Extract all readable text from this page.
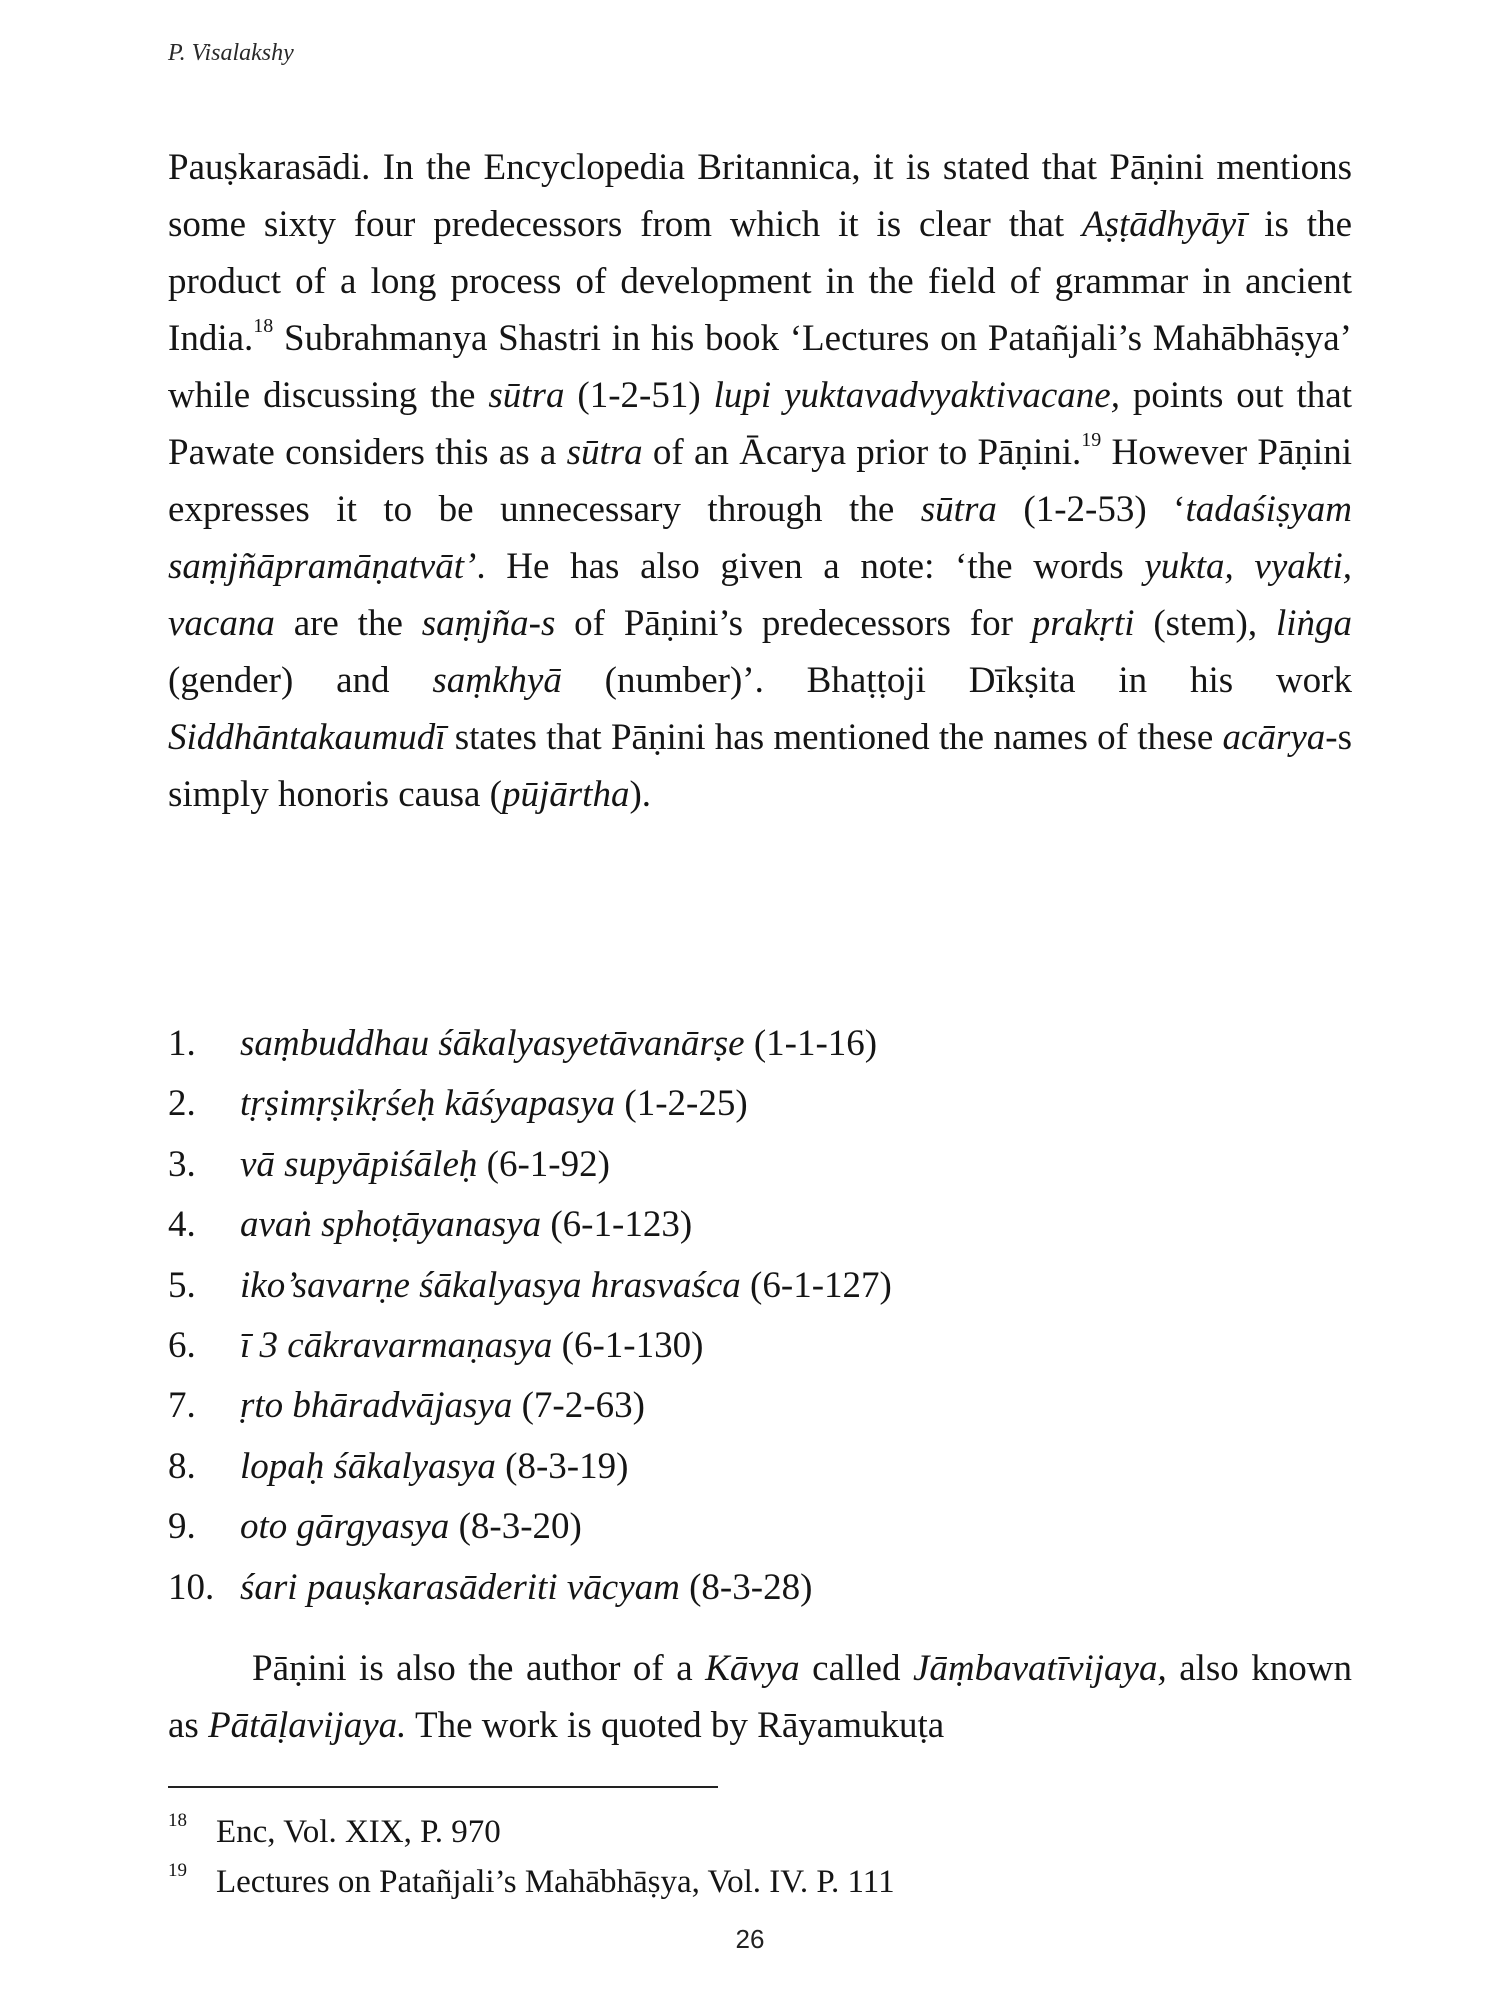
P. Visalakshy

Pauṣkarasādi. In the Encyclopedia Britannica, it is stated that Pāṇini mentions some sixty four predecessors from which it is clear that Aṣṭādhyāyī is the product of a long process of development in the field of grammar in ancient India.$^{18}$ Subrahmanya Shastri in his book ‘Lectures on Patañjali’s Mahābhāṣya’ while discussing the sūtra (1-2-51) lupi yuktavadvyaktivacane, points out that Pawate considers this as a sūtra of an Ācarya prior to Pāṇini.$^{19}$ However Pāṇini expresses it to be unnecessary through the sūtra (1-2-53) ‘tadaśiṣyam saṃjñāpramāṇatvāt’. He has also given a note: ‘the words yukta, vyakti, vacana are the saṃjña-s of Pāṇini’s predecessors for prakṛti (stem), liṅga (gender) and saṃkhyā (number)’. Bhaṭṭoji Dīkṣita in his work Siddhāntakaumudī states that Pāṇini has mentioned the names of these acārya-s simply honoris causa (pūjārtha).

1. saṃbuddhau śākalyasyetāvanārṣe (1-1-16)
2. tṛṣimṛṣikṛśeḥ kāśyapasya (1-2-25)
3. vā supyāpiśāleḥ (6-1-92)
4. avaṅ sphoṭāyanasya (6-1-123)
5. iko’savarṇe śākalyasya hrasvaśca (6-1-127)
6. ī 3 cākravarmaṇasya (6-1-130)
7. ṛto bhāradvājasya (7-2-63)
8. lopaḥ śākalyasya (8-3-19)
9. oto gārgyasya (8-3-20)
10. śari pauṣkarasāderiti vācyam (8-3-28)

Pāṇini is also the author of a Kāvya called Jāṃbavatīvijaya, also known as Pātāḷavijaya. The work is quoted by Rāyamukuṭa

$^{18}$ Enc, Vol. XIX, P. 970
$^{19}$ Lectures on Patañjali’s Mahābhāṣya, Vol. IV. P. 111
26
